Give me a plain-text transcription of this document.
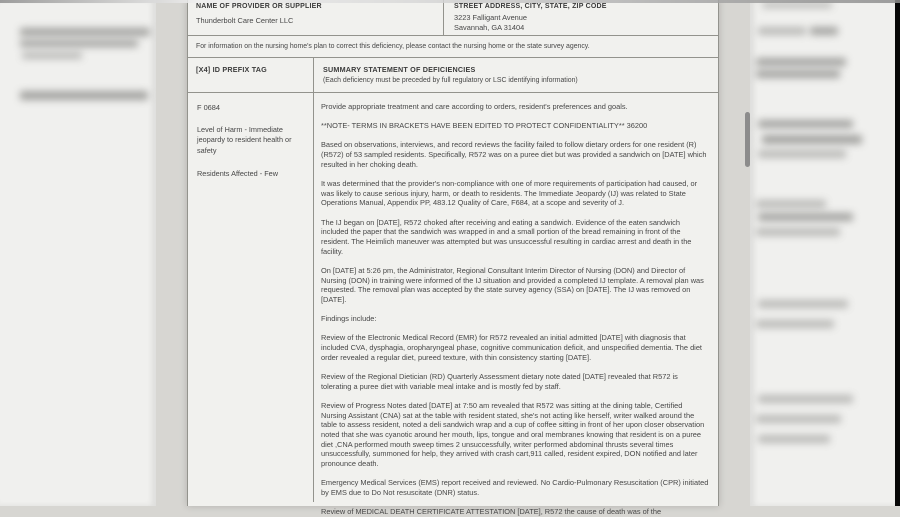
NAME OF PROVIDER OR SUPPLIER
Thunderbolt Care Center LLC
STREET ADDRESS, CITY, STATE, ZIP CODE
3223 Falligant Avenue
Savannah, GA 31404
For information on the nursing home's plan to correct this deficiency, please contact the nursing home or the state survey agency.
[X4] ID PREFIX TAG	SUMMARY STATEMENT OF DEFICIENCIES
(Each deficiency must be preceded by full regulatory or LSC identifying information)
F 0684
Level of Harm - Immediate jeopardy to resident health or safety
Residents Affected - Few

Provide appropriate treatment and care according to orders, resident's preferences and goals.

**NOTE- TERMS IN BRACKETS HAVE BEEN EDITED TO PROTECT CONFIDENTIALITY** 36200

Based on observations, interviews, and record reviews the facility failed to follow dietary orders for one resident (R) (R572) of 53 sampled residents. Specifically, R572 was on a puree diet but was provided a sandwich on [DATE] which resulted in her choking death.

It was determined that the provider's non-compliance with one of more requirements of participation had caused, or was likely to cause serious injury, harm, or death to residents. The Immediate Jeopardy (IJ) was related to State Operations Manual, Appendix PP, 483.12 Quality of Care, F684, at a scope and severity of J.

The IJ began on [DATE], R572 choked after receiving and eating a sandwich. Evidence of the eaten sandwich included the paper that the sandwich was wrapped in and a small portion of the bread remaining in front of the resident. The Heimlich maneuver was attempted but was unsuccessful resulting in cardiac arrest and death in the facility.

On [DATE] at 5:26 pm, the Administrator, Regional Consultant Interim Director of Nursing (DON) and Director of Nursing (DON) in training were informed of the IJ situation and provided a completed IJ template. A removal plan was requested. The removal plan was accepted by the state survey agency (SSA) on [DATE]. The IJ was removed on [DATE].

Findings include:

Review of the Electronic Medical Record (EMR) for R572 revealed an initial admitted [DATE] with diagnosis that included CVA, dysphagia, oropharyngeal phase, cognitive communication deficit, and unspecified dementia. The diet order revealed a regular diet, pureed texture, with thin consistency starting [DATE].

Review of the Regional Dietician (RD) Quarterly Assessment dietary note dated [DATE] revealed that R572 is tolerating a puree diet with variable meal intake and is mostly fed by staff.

Review of Progress Notes dated [DATE] at 7:50 am revealed that R572 was sitting at the dining table, Certified Nursing Assistant (CNA) sat at the table with resident stated, she's not acting like herself, writer walked around the table to assess resident, noted a deli sandwich wrap and a cup of coffee sitting in front of her upon closer observation noted that she was cyanotic around her mouth, lips, tongue and oral membranes knowing that resident is on a puree diet ,CNA performed mouth sweep times 2 unsuccessfully, writer performed abdominal thrusts several times unsuccessfully, summoned for help, they arrived with crash cart,911 called, resident expired, DON notified and later pronounce death.

Emergency Medical Services (EMS) report received and reviewed. No Cardio-Pulmonary Resuscitation (CPR) initiated by EMS due to Do Not resuscitate (DNR) status.

Review of MEDICAL DEATH CERTIFICATE ATTESTATION [DATE], R572 the cause of death was of the
